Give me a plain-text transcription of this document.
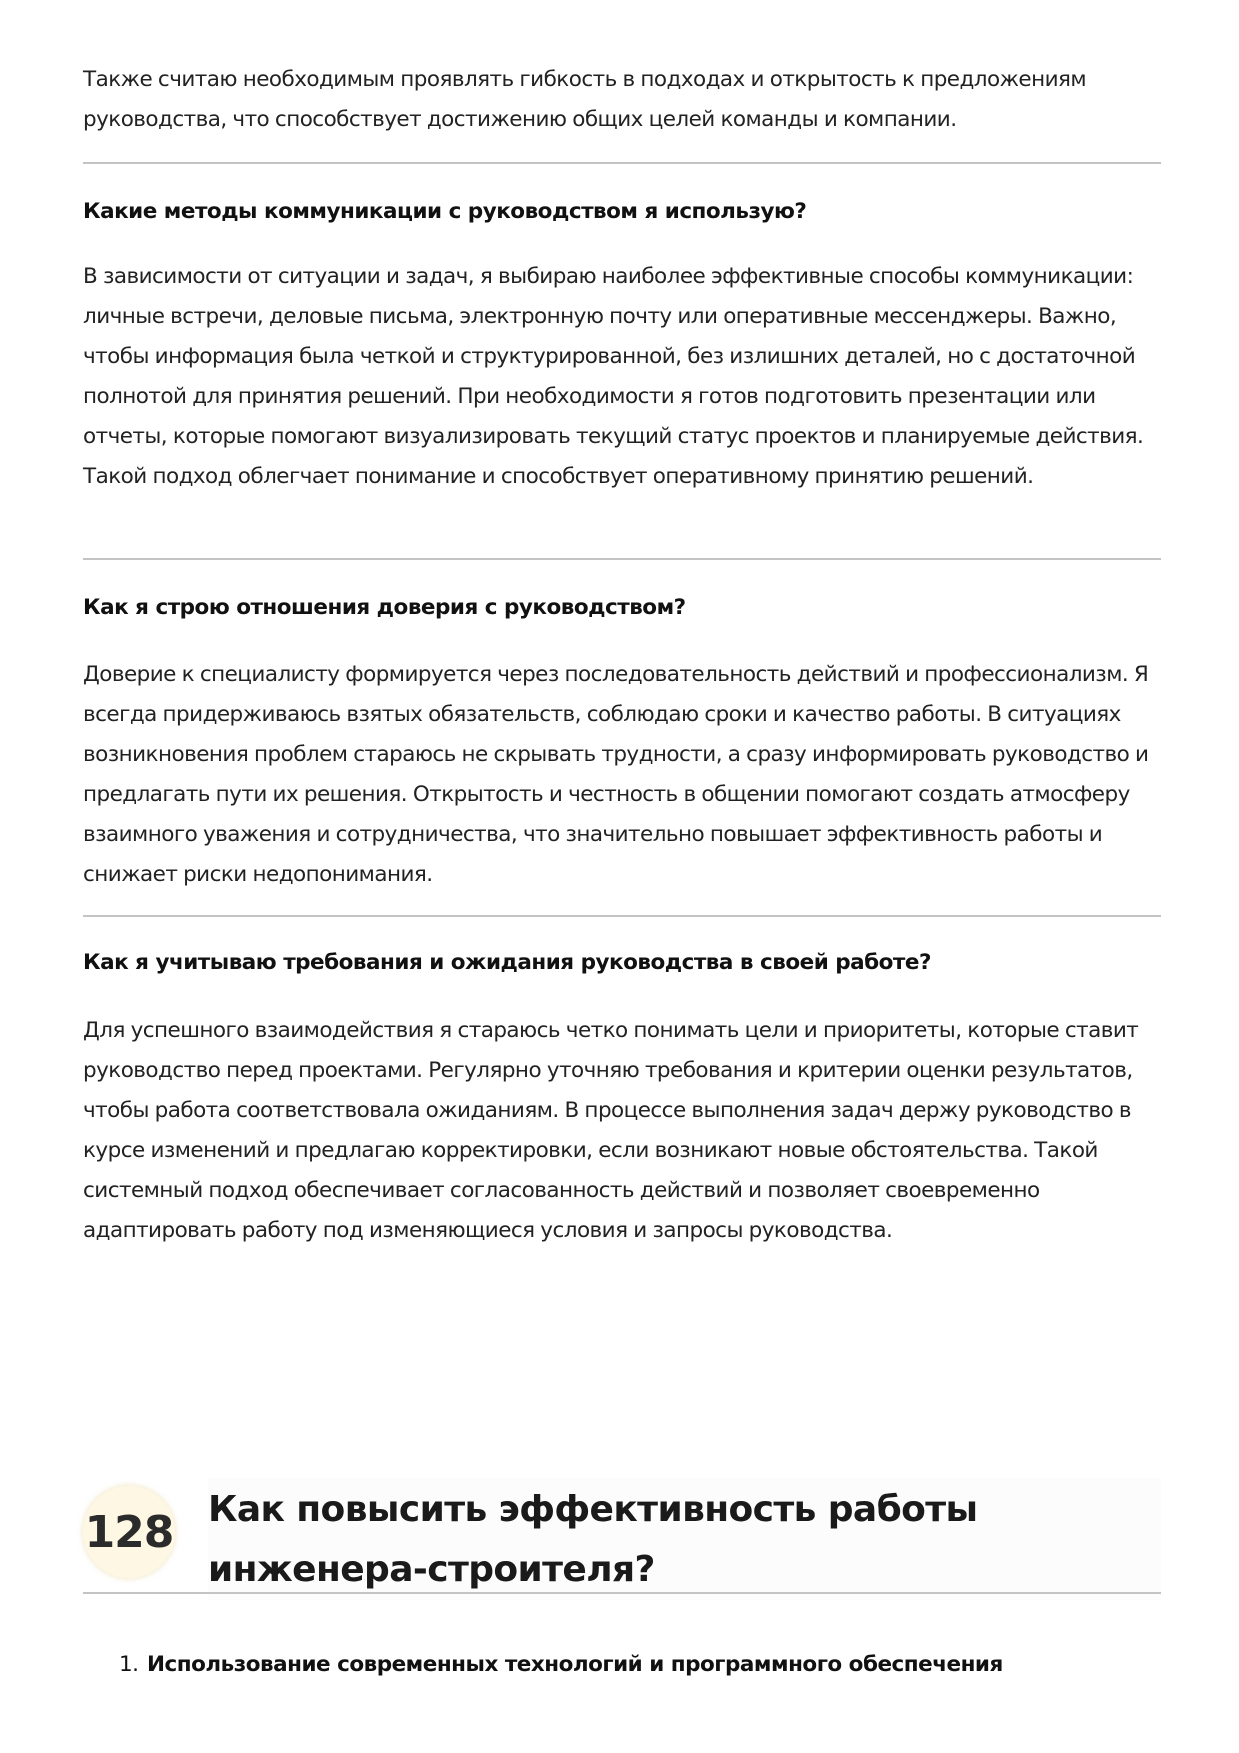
Также считаю необходимым проявлять гибкость в подходах и открытость к предложениям руководства, что способствует достижению общих целей команды и компании.

Какие методы коммуникации с руководством я использую?

В зависимости от ситуации и задач, я выбираю наиболее эффективные способы коммуникации: личные встречи, деловые письма, электронную почту или оперативные мессенджеры. Важно, чтобы информация была четкой и структурированной, без излишних деталей, но с достаточной полнотой для принятия решений. При необходимости я готов подготовить презентации или отчеты, которые помогают визуализировать текущий статус проектов и планируемые действия. Такой подход облегчает понимание и способствует оперативному принятию решений.

Как я строю отношения доверия с руководством?

Доверие к специалисту формируется через последовательность действий и профессионализм. Я всегда придерживаюсь взятых обязательств, соблюдаю сроки и качество работы. В ситуациях возникновения проблем стараюсь не скрывать трудности, а сразу информировать руководство и предлагать пути их решения. Открытость и честность в общении помогают создать атмосферу взаимного уважения и сотрудничества, что значительно повышает эффективность работы и снижает риски недопонимания.

Как я учитываю требования и ожидания руководства в своей работе?

Для успешного взаимодействия я стараюсь четко понимать цели и приоритеты, которые ставит руководство перед проектами. Регулярно уточняю требования и критерии оценки результатов, чтобы работа соответствовала ожиданиям. В процессе выполнения задач держу руководство в курсе изменений и предлагаю корректировки, если возникают новые обстоятельства. Такой системный подход обеспечивает согласованность действий и позволяет своевременно адаптировать работу под изменяющиеся условия и запросы руководства.

128 Как повысить эффективность работы инженера-строителя?
1. Использование современных технологий и программного обеспечения
